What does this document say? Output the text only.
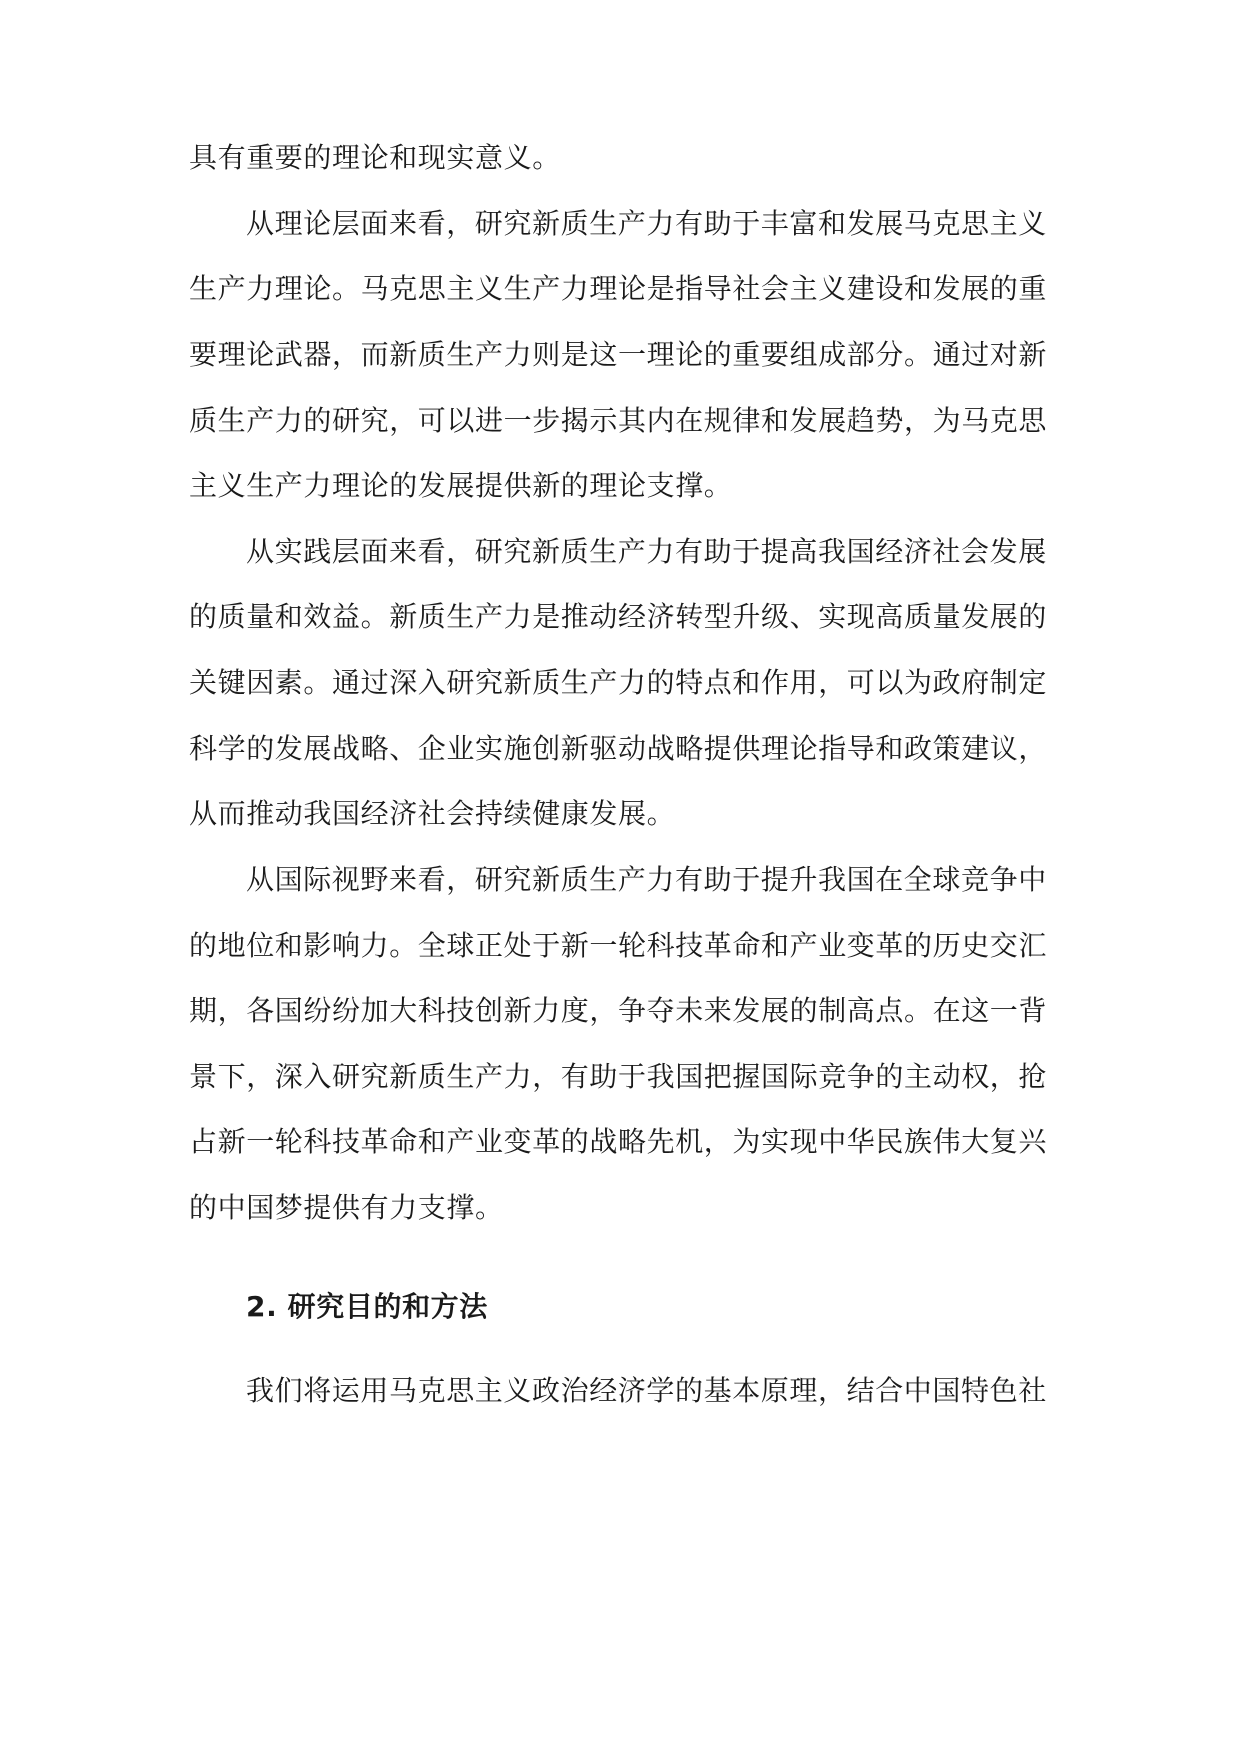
具有重要的理论和现实意义。
从理论层面来看，研究新质生产力有助于丰富和发展马克思主义
生产力理论。马克思主义生产力理论是指导社会主义建设和发展的重
要理论武器，而新质生产力则是这一理论的重要组成部分。通过对新
质生产力的研究，可以进一步揭示其内在规律和发展趋势，为马克思
主义生产力理论的发展提供新的理论支撑。
从实践层面来看，研究新质生产力有助于提高我国经济社会发展
的质量和效益。新质生产力是推动经济转型升级、实现高质量发展的
关键因素。通过深入研究新质生产力的特点和作用，可以为政府制定
科学的发展战略、企业实施创新驱动战略提供理论指导和政策建议，
从而推动我国经济社会持续健康发展。
从国际视野来看，研究新质生产力有助于提升我国在全球竞争中
的地位和影响力。全球正处于新一轮科技革命和产业变革的历史交汇
期，各国纷纷加大科技创新力度，争夺未来发展的制高点。在这一背
景下，深入研究新质生产力，有助于我国把握国际竞争的主动权，抢
占新一轮科技革命和产业变革的战略先机，为实现中华民族伟大复兴
的中国梦提供有力支撑。
2. 研究目的和方法
我们将运用马克思主义政治经济学的基本原理，结合中国特色社
